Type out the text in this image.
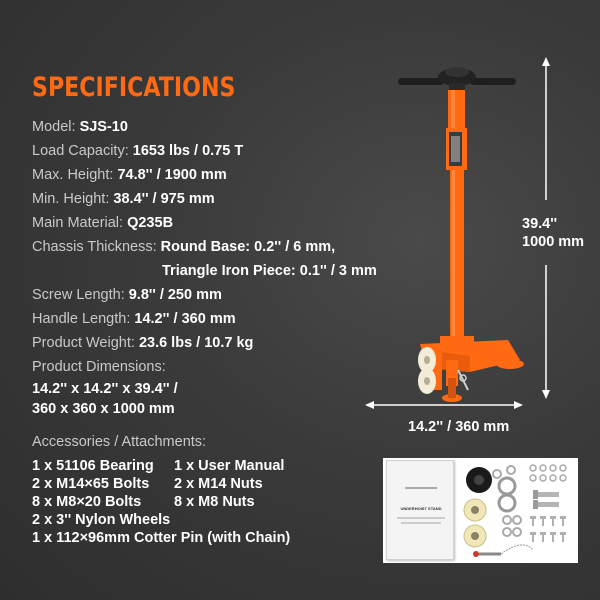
SPECIFICATIONS
Model: SJS-10
Load Capacity: 1653 lbs / 0.75 T
Max. Height: 74.8'' / 1900 mm
Min. Height: 38.4'' / 975 mm
Main Material: Q235B
Chassis Thickness: Round Base: 0.2'' / 6 mm,
Triangle Iron Piece: 0.1'' / 3 mm
Screw Length: 9.8'' / 250 mm
Handle Length: 14.2'' / 360 mm
Product Weight: 23.6 lbs / 10.7 kg
Product Dimensions:
14.2'' x 14.2'' x 39.4'' /
360 x 360 x 1000 mm
Accessories / Attachments:
1 x 51106 Bearing 1 x User Manual
2 x M14×65 Bolts 2 x M14 Nuts
8 x M8×20 Bolts 8 x M8 Nuts
2 x 3'' Nylon Wheels
1 x 112×96mm Cotter Pin (with Chain)
39.4''
1000 mm
14.2'' / 360 mm
UNDERHOIST STAND
